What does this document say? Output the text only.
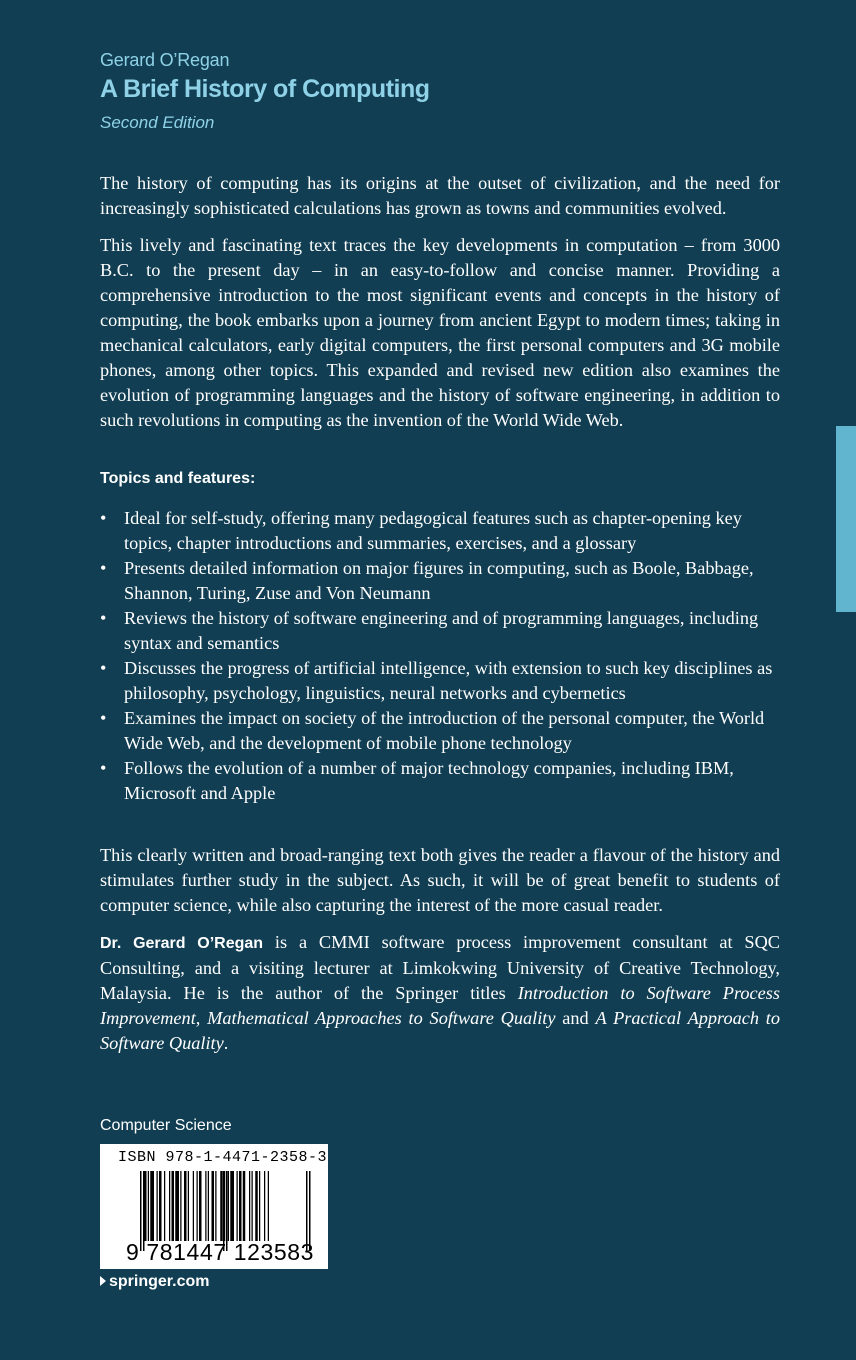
Gerard O’Regan
A Brief History of Computing
Second Edition

The history of computing has its origins at the outset of civilization, and the need for increasingly sophisticated calculations has grown as towns and communities evolved.

This lively and fascinating text traces the key developments in computation – from 3000 B.C. to the present day – in an easy-to-follow and concise manner. Providing a comprehensive introduction to the most significant events and concepts in the history of computing, the book embarks upon a journey from ancient Egypt to modern times; taking in mechanical calculators, early digital computers, the first personal computers and 3G mobile phones, among other topics. This expanded and revised new edition also examines the evolution of programming languages and the history of software engineering, in addition to such revolutions in computing as the invention of the World Wide Web.

Topics and features:
• Ideal for self-study, offering many pedagogical features such as chapter-opening key topics, chapter introductions and summaries, exercises, and a glossary
• Presents detailed information on major figures in computing, such as Boole, Babbage, Shannon, Turing, Zuse and Von Neumann
• Reviews the history of software engineering and of programming languages, including syntax and semantics
• Discusses the progress of artificial intelligence, with extension to such key disciplines as philosophy, psychology, linguistics, neural networks and cybernetics
• Examines the impact on society of the introduction of the personal computer, the World Wide Web, and the development of mobile phone technology
• Follows the evolution of a number of major technology companies, including IBM, Microsoft and Apple

This clearly written and broad-ranging text both gives the reader a flavour of the history and stimulates further study in the subject. As such, it will be of great benefit to students of computer science, while also capturing the interest of the more casual reader.

Dr. Gerard O’Regan is a CMMI software process improvement consultant at SQC Consulting, and a visiting lecturer at Limkokwing University of Creative Technology, Malaysia. He is the author of the Springer titles Introduction to Software Process Improvement, Mathematical Approaches to Software Quality and A Practical Approach to Software Quality.

Computer Science
ISBN 978-1-4471-2358-3
9 781447 123583
springer.com
